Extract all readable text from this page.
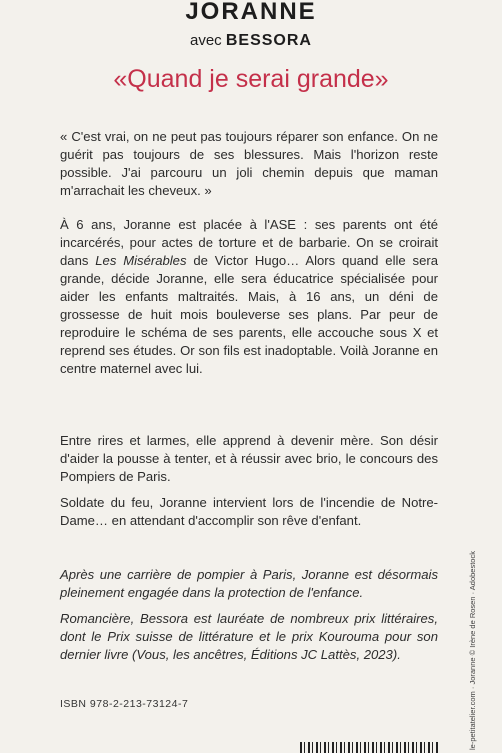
JORANNE
avec BESSORA
«Quand je serai grande»

« C'est vrai, on ne peut pas toujours réparer son enfance. On ne guérit pas toujours de ses blessures. Mais l'horizon reste possible. J'ai parcouru un joli chemin depuis que maman m'arrachait les cheveux. »

À 6 ans, Joranne est placée à l'ASE : ses parents ont été incarcérés, pour actes de torture et de barbarie. On se croirait dans Les Misérables de Victor Hugo… Alors quand elle sera grande, décide Joranne, elle sera éducatrice spécialisée pour aider les enfants maltraités. Mais, à 16 ans, un déni de grossesse de huit mois bouleverse ses plans. Par peur de reproduire le schéma de ses parents, elle accouche sous X et reprend ses études. Or son fils est inadoptable. Voilà Joranne en centre maternel avec lui.

Entre rires et larmes, elle apprend à devenir mère. Son désir d'aider la pousse à tenter, et à réussir avec brio, le concours des Pompiers de Paris.

Soldate du feu, Joranne intervient lors de l'incendie de Notre-Dame… en attendant d'accomplir son rêve d'enfant.

Après une carrière de pompier à Paris, Joranne est désormais pleinement engagée dans la protection de l'enfance.

Romancière, Bessora est lauréate de nombreux prix littéraires, dont le Prix suisse de littérature et le prix Kourouma pour son dernier livre (Vous, les ancêtres, Éditions JC Lattès, 2023).

ISBN 978-2-213-73124-7	le-petitatelier.com · Joranne © Irène de Rosen · Adobestock
